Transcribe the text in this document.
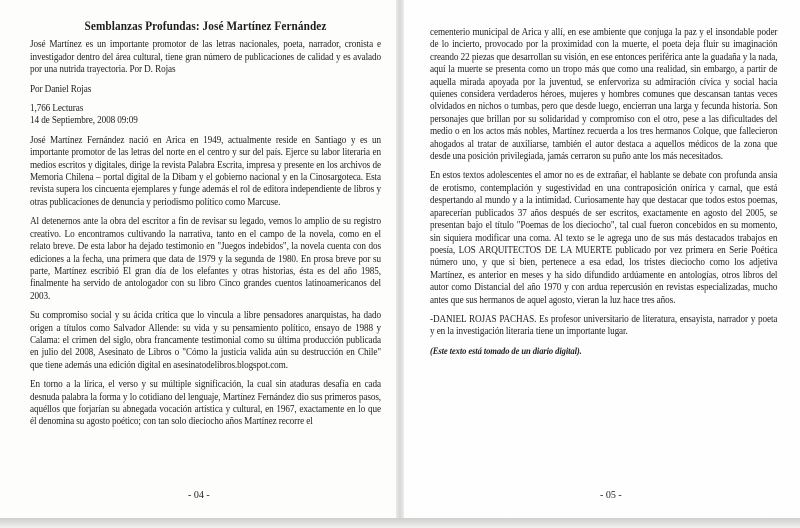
Semblanzas Profundas: José Martínez Fernández

José Martínez es un importante promotor de las letras nacionales, poeta, narrador, cronista e investigador dentro del área cultural, tiene gran número de publicaciones de calidad y es avalado por una nutrida trayectoria. Por D. Rojas

Por Daniel Rojas

1,766 Lecturas

14 de Septiembre, 2008 09:09

José Martínez Fernández nació en Arica en 1949, actualmente reside en Santiago y es un importante promotor de las letras del norte en el centro y sur del país. Ejerce su labor literaria en medios escritos y digitales, dirige la revista Palabra Escrita, impresa y presente en los archivos de Memoria Chilena – portal digital de la Dibam y el gobierno nacional y en la Cinosargoteca. Esta revista supera los cincuenta ejemplares y funge además el rol de editora independiente de libros y otras publicaciones de denuncia y periodismo político como Marcuse.

Al detenernos ante la obra del escritor a fin de revisar su legado, vemos lo amplio de su registro creativo. Lo encontramos cultivando la narrativa, tanto en el campo de la novela, como en el relato breve. De esta labor ha dejado testimonio en "Juegos indebidos", la novela cuenta con dos ediciones a la fecha, una primera que data de 1979 y la segunda de 1980. En prosa breve por su parte, Martínez escribió El gran día de los elefantes y otras historias, ésta es del año 1985, finalmente ha servido de antologador con su libro Cinco grandes cuentos latinoamericanos del 2003.

Su compromiso social y su ácida crítica que lo vincula a libre pensadores anarquistas, ha dado origen a títulos como Salvador Allende: su vida y su pensamiento político, ensayo de 1988 y Calama: el crimen del siglo, obra francamente testimonial como su última producción publicada en julio del 2008, Asesinato de Libros o "Cómo la justicia valida aún su destrucción en Chile" que tiene además una edición digital en asesinatodelibros.blogspot.com.

En torno a la lírica, el verso y su múltiple significación, la cual sin ataduras desafía en cada desnuda palabra la forma y lo cotidiano del lenguaje, Martínez Fernández dio sus primeros pasos, aquéllos que forjarían su abnegada vocación artística y cultural, en 1967, exactamente en lo que él denomina su agosto poético; con tan solo dieciocho años Martínez recorre el

- 04 -

cementerio municipal de Arica y allí, en ese ambiente que conjuga la paz y el insondable poder de lo incierto, provocado por la proximidad con la muerte, el poeta deja fluir su imaginación creando 22 piezas que desarrollan su visión, en ese entonces periférica ante la guadaña y la nada, aquí la muerte se presenta como un tropo más que como una realidad, sin embargo, a partir de aquella mirada apoyada por la juventud, se enfervoriza su admiración cívica y social hacia quienes considera verdaderos héroes, mujeres y hombres comunes que descansan tantas veces olvidados en nichos o tumbas, pero que desde luego, encierran una larga y fecunda historia. Son personajes que brillan por su solidaridad y compromiso con el otro, pese a las dificultades del medio o en los actos más nobles, Martínez recuerda a los tres hermanos Colque, que fallecieron ahogados al tratar de auxiliarse, también el autor destaca a aquellos médicos de la zona que desde una posición privilegiada, jamás cerraron su puño ante los más necesitados.

En estos textos adolescentes el amor no es de extrañar, el hablante se debate con profunda ansia de erotismo, contemplación y sugestividad en una contraposición onírica y carnal, que está despertando al mundo y a la intimidad. Curiosamente hay que destacar que todos estos poemas, aparecerían publicados 37 años después de ser escritos, exactamente en agosto del 2005, se presentan bajo el título "Poemas de los dieciocho", tal cual fueron concebidos en su momento, sin siquiera modificar una coma. Al texto se le agrega uno de sus más destacados trabajos en poesía, LOS ARQUITECTOS DE LA MUERTE publicado por vez primera en Serie Poética número uno, y que si bien, pertenece a esa edad, los tristes dieciocho como los adjetiva Martínez, es anterior en meses y ha sido difundido ardúamente en antologías, otros libros del autor como Distancial del año 1970 y con ardua repercusión en revistas especializadas, mucho antes que sus hermanos de aquel agosto, vieran la luz hace tres años.

-DANIEL ROJAS PACHAS. Es profesor universitario de literatura, ensayista, narrador y poeta y en la investigación literaria tiene un importante lugar.

(Este texto está tomado de un diario digital).

- 05 -
